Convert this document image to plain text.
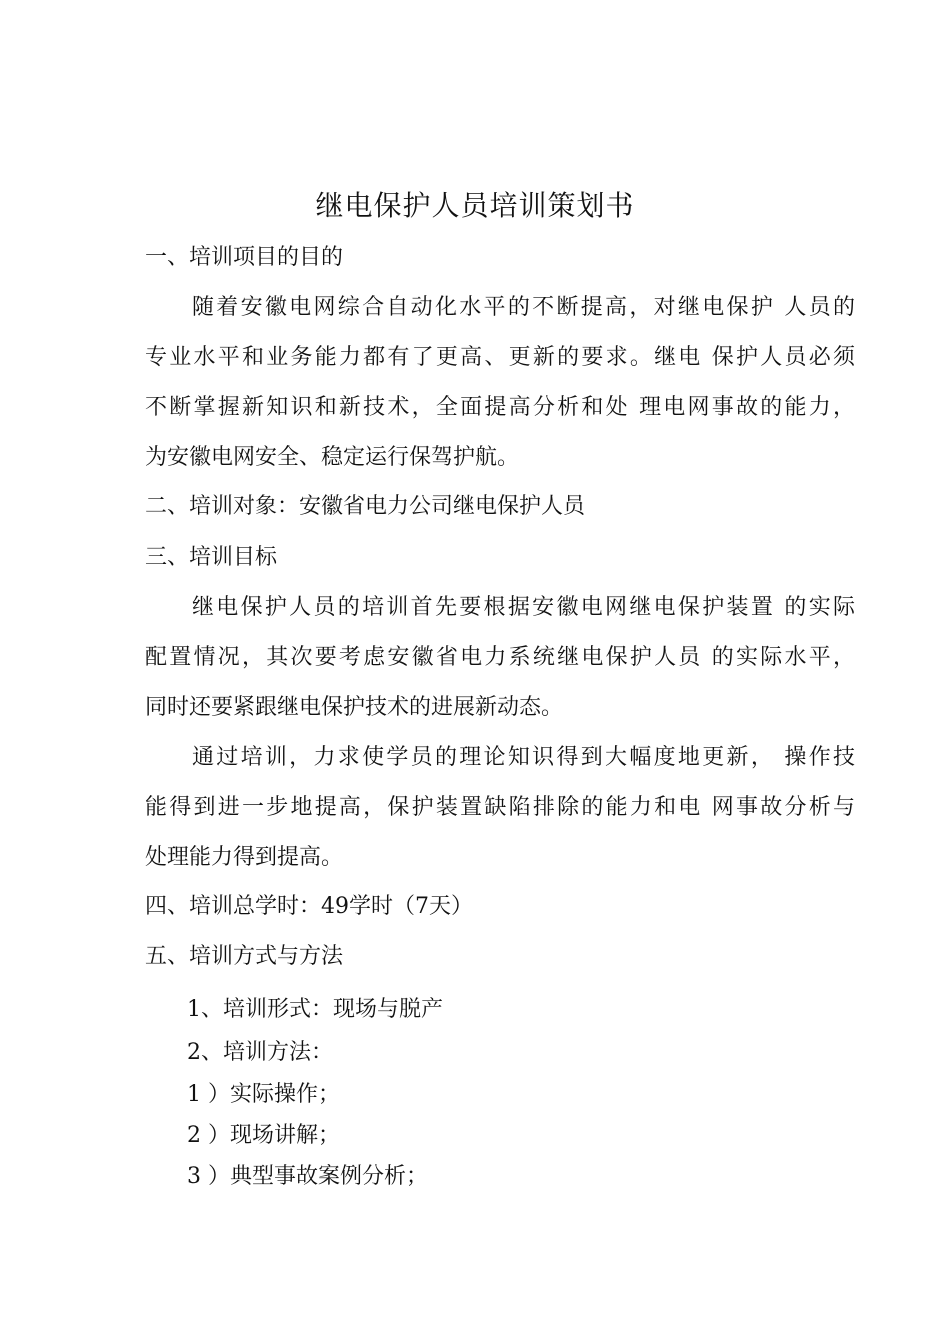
继电保护人员培训策划书
一、培训项目的目的
随着安徽电网综合自动化水平的不断提高，对继电保护 人员的
专业水平和业务能力都有了更高、更新的要求。继电 保护人员必须
不断掌握新知识和新技术，全面提高分析和处 理电网事故的能力，
为安徽电网安全、稳定运行保驾护航。
二、培训对象：安徽省电力公司继电保护人员
三、培训目标
继电保护人员的培训首先要根据安徽电网继电保护装置 的实际
配置情况，其次要考虑安徽省电力系统继电保护人员 的实际水平，
同时还要紧跟继电保护技术的进展新动态。
通过培训，力求使学员的理论知识得到大幅度地更新， 操作技
能得到进一步地提高，保护装置缺陷排除的能力和电 网事故分析与
处理能力得到提高。
四、培训总学时：49学时（7天）
五、培训方式与方法
1、培训形式：现场与脱产
2、培训方法：
1 ）实际操作；
2 ）现场讲解；
3 ）典型事故案例分析；
